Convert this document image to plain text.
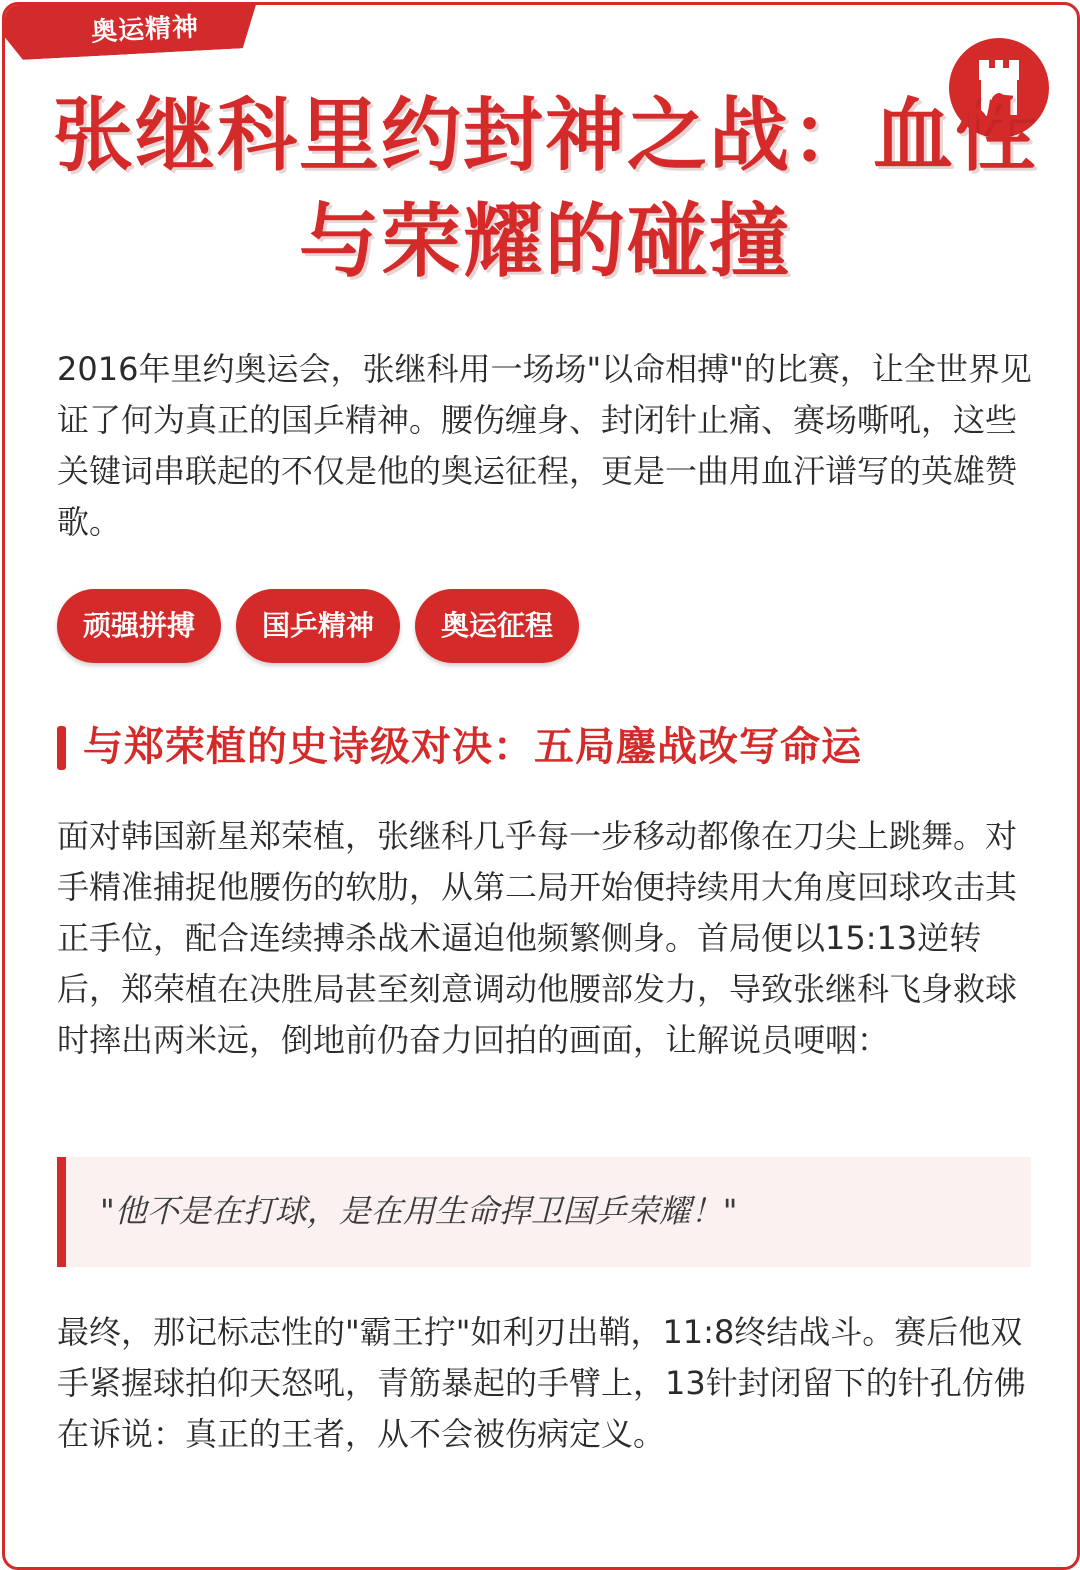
奥运精神
张继科里约封神之战：血性
与荣耀的碰撞

2016年里约奥运会，张继科用一场场"以命相搏"的比赛，让全世界见证了何为真正的国乒精神。腰伤缠身、封闭针止痛、赛场嘶吼，这些关键词串联起的不仅是他的奥运征程，更是一曲用血汗谱写的英雄赞歌。

顽强拼搏	国乒精神	奥运征程
与郑荣植的史诗级对决：五局鏖战改写命运

面对韩国新星郑荣植，张继科几乎每一步移动都像在刀尖上跳舞。对手精准捕捉他腰伤的软肋，从第二局开始便持续用大角度回球攻击其正手位，配合连续搏杀战术逼迫他频繁侧身。首局便以15:13逆转后，郑荣植在决胜局甚至刻意调动他腰部发力，导致张继科飞身救球时摔出两米远，倒地前仍奋力回拍的画面，让解说员哽咽：

"他不是在打球，是在用生命捍卫国乒荣耀！"

最终，那记标志性的"霸王拧"如利刃出鞘，11:8终结战斗。赛后他双手紧握球拍仰天怒吼，青筋暴起的手臂上，13针封闭留下的针孔仿佛在诉说：真正的王者，从不会被伤病定义。
